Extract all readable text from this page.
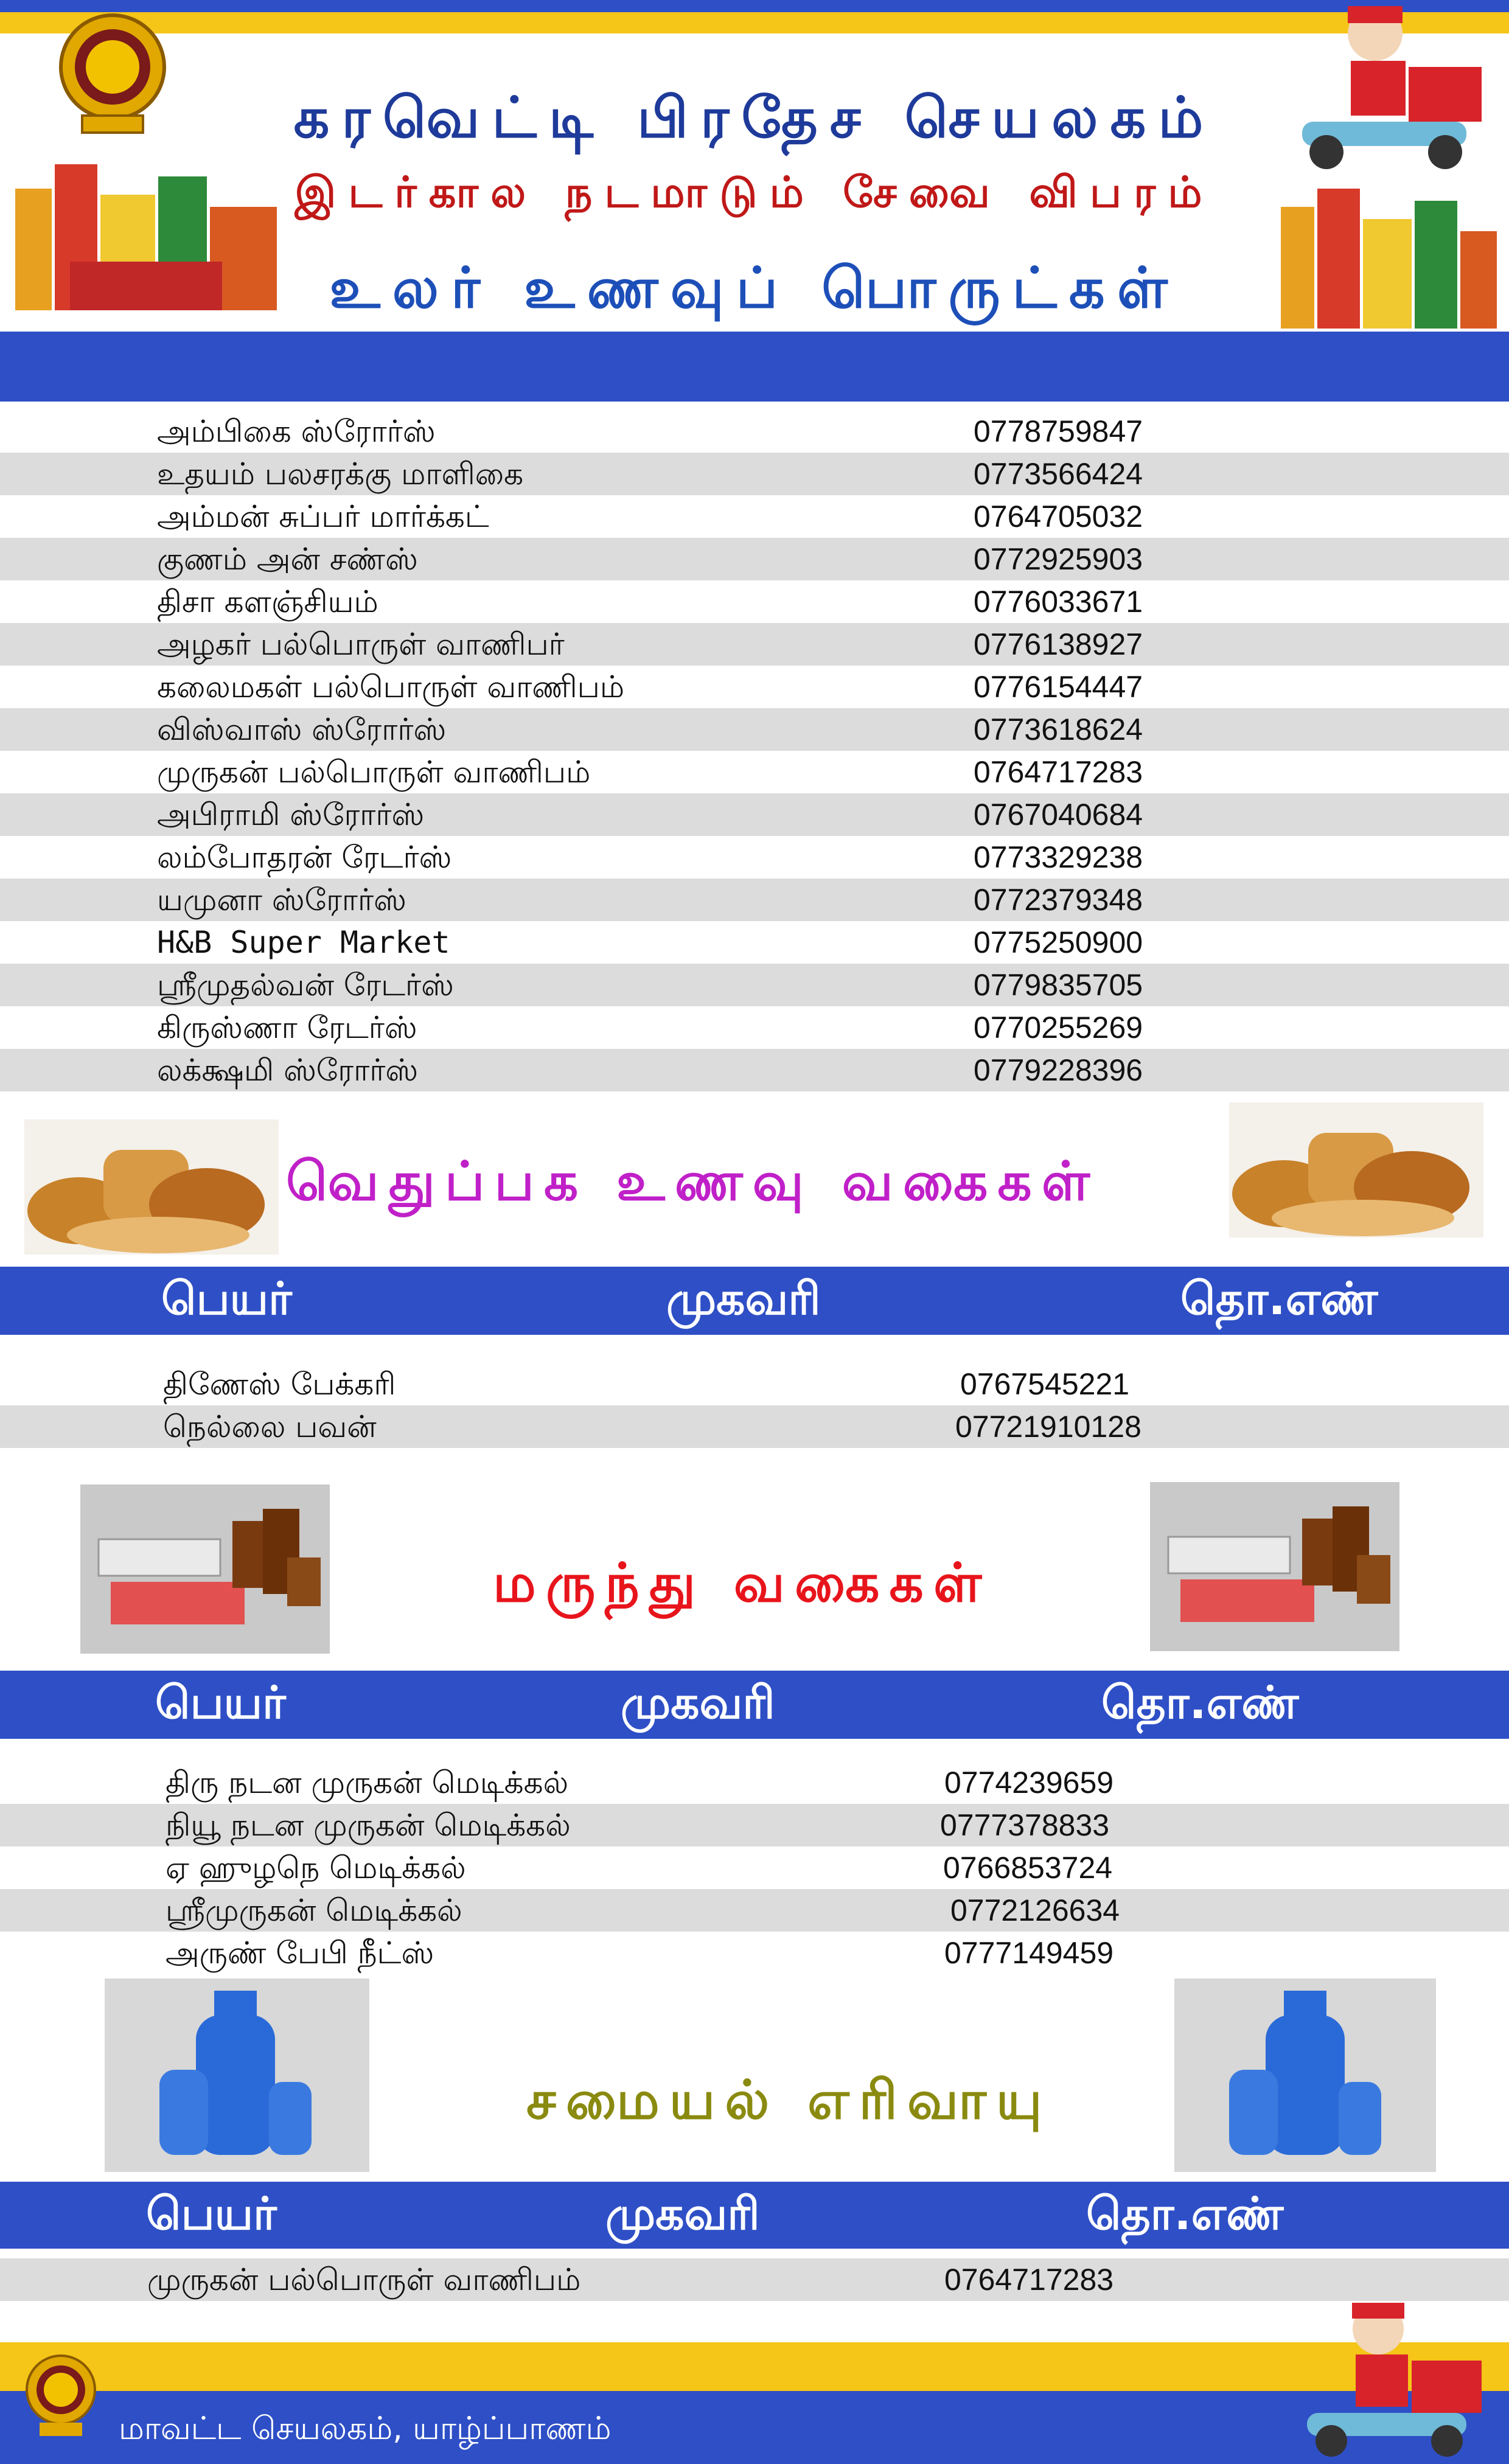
கரவெட்டி பிரதேச செயலகம்
இடர்கால நடமாடும் சேவை விபரம்
உலர் உணவுப் பொருட்கள்
அம்பிகை ஸ்ரோர்ஸ்	0778759847
உதயம் பலசரக்கு மாளிகை	0773566424
அம்மன் சுப்பர் மார்க்கட்	0764705032
குணம் அன் சண்ஸ்	0772925903
திசா களஞ்சியம்	0776033671
அழகர் பல்பொருள் வாணிபர்	0776138927
கலைமகள் பல்பொருள் வாணிபம்	0776154447
விஸ்வாஸ் ஸ்ரோர்ஸ்	0773618624
முருகன் பல்பொருள் வாணிபம்	0764717283
அபிராமி ஸ்ரோர்ஸ்	0767040684
லம்போதரன் ரேடர்ஸ்	0773329238
யமுனா ஸ்ரோர்ஸ்	0772379348
H&B Super Market	0775250900
ஸ்ரீமுதல்வன் ரேடர்ஸ்	0779835705
கிருஸ்ணா ரேடர்ஸ்	0770255269
லக்க்ஷமி ஸ்ரோர்ஸ்	0779228396
வெதுப்பக உணவு வகைகள்
பெயர்	முகவரி	தொ.எண்
திணேஸ் பேக்கரி	0767545221
நெல்லை பவன்	07721910128
மருந்து வகைகள்
பெயர்	முகவரி	தொ.எண்
திரு நடன முருகன் மெடிக்கல்	0774239659
நியூ நடன முருகன் மெடிக்கல்	0777378833
ஏ ஹுழநெ மெடிக்கல்	0766853724
ஸ்ரீமுருகன் மெடிக்கல்	0772126634
அருண் பேபி நீட்ஸ்	0777149459
சமையல் எரிவாயு
பெயர்	முகவரி	தொ.எண்
முருகன் பல்பொருள் வாணிபம்	0764717283
மாவட்ட செயலகம், யாழ்ப்பாணம்
